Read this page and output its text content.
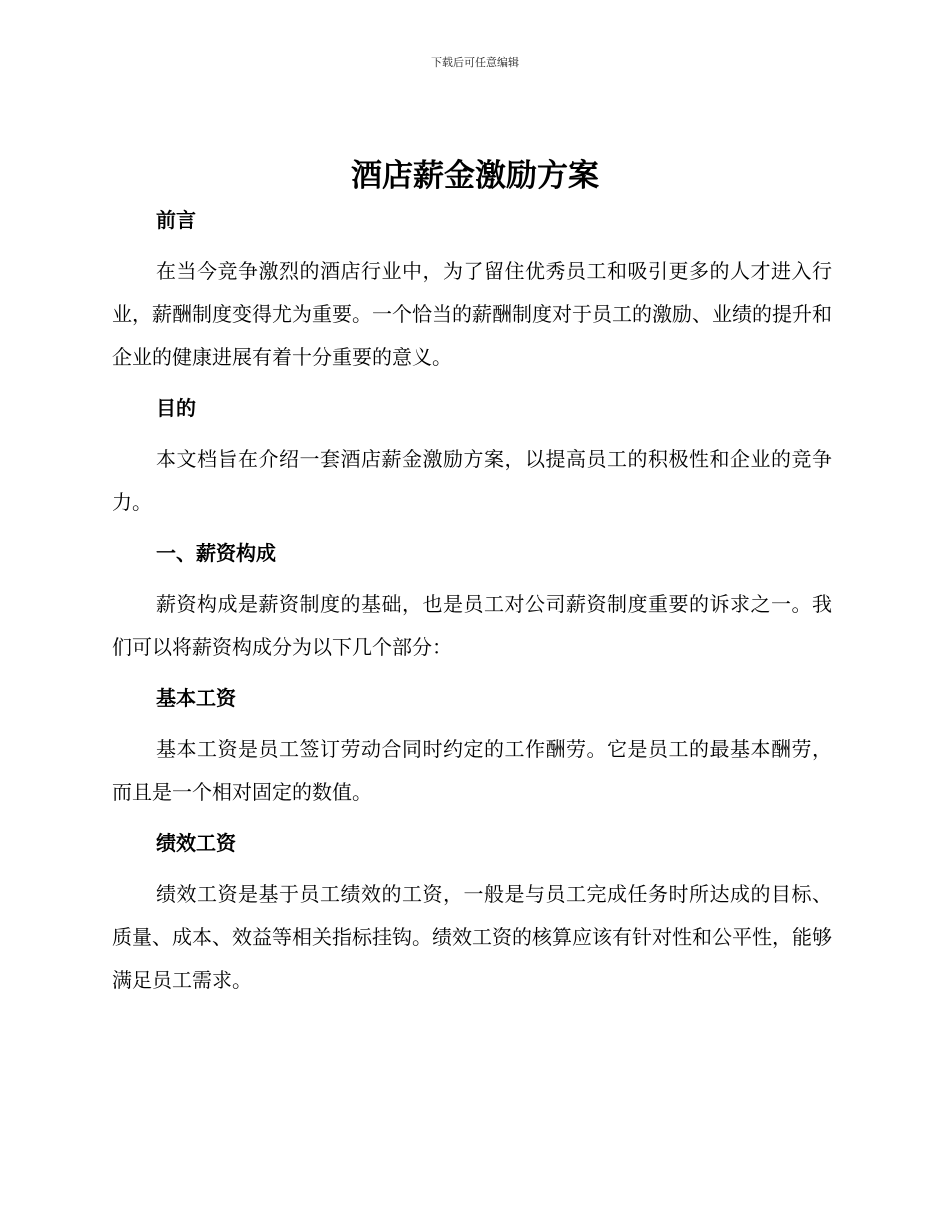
下载后可任意编辑
酒店薪金激励方案
前言

在当今竞争激烈的酒店行业中，为了留住优秀员工和吸引更多的人才进入行业，薪酬制度变得尤为重要。一个恰当的薪酬制度对于员工的激励、业绩的提升和企业的健康进展有着十分重要的意义。

目的

本文档旨在介绍一套酒店薪金激励方案，以提高员工的积极性和企业的竞争力。

一、薪资构成

薪资构成是薪资制度的基础，也是员工对公司薪资制度重要的诉求之一。我们可以将薪资构成分为以下几个部分：

基本工资

基本工资是员工签订劳动合同时约定的工作酬劳。它是员工的最基本酬劳，而且是一个相对固定的数值。

绩效工资

绩效工资是基于员工绩效的工资，一般是与员工完成任务时所达成的目标、质量、成本、效益等相关指标挂钩。绩效工资的核算应该有针对性和公平性，能够满足员工需求。
